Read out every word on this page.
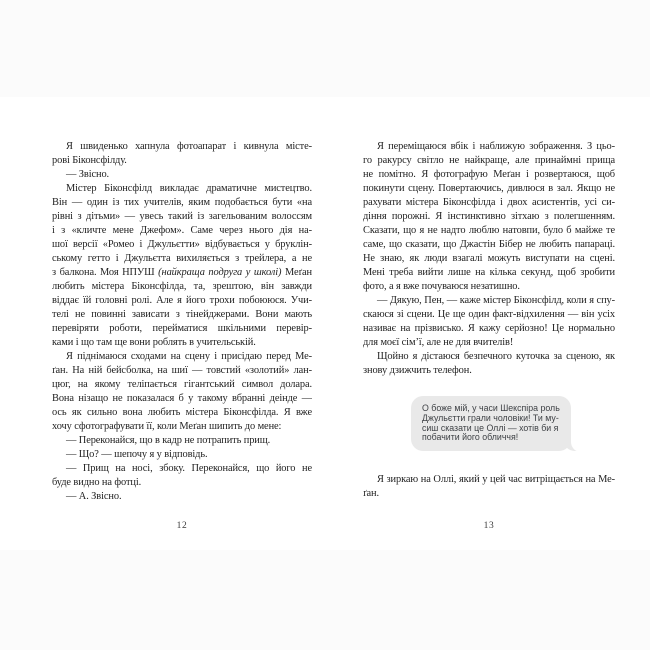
Я швиденько хапнула фотоапарат і кивнула місте-
рові Біконсфілду.
— Звісно.
Містер Біконсфілд викладає драматичне мистецтво.
Він — один із тих учителів, яким подобається бути «на
рівні з дітьми» — увесь такий із загельованим волоссям
і з «кличте мене Джефом». Саме через нього дія на-
шої версії «Ромео і Джульєтти» відбувається у бруклін-
ському гетто і Джульєтта вихиляється з трейлера, а не
з балкона. Моя НПУШ (найкраща подруга у школі) Меґан
любить містера Біконсфілда, та, зрештою, він завжди
віддає їй головні ролі. Але я його трохи побоююся. Учи-
телі не повинні зависати з тінейджерами. Вони мають
перевіряти роботи, перейматися шкільними перевір-
ками і що там ще вони роблять в учительській.
Я піднімаюся сходами на сцену і присідаю перед Ме-
ґан. На ній бейсболка, на шиї — товстий «золотий» лан-
цюг, на якому теліпається гігантський символ долара.
Вона нізащо не показалася б у такому вбранні деінде —
ось як сильно вона любить містера Біконсфілда. Я вже
хочу сфотографувати її, коли Меґан шипить до мене:
— Переконайся, що в кадр не потрапить прищ.
— Що? — шепочу я у відповідь.
— Прищ на носі, збоку. Переконайся, що його не
буде видно на фотці.
— А. Звісно.
12
Я переміщаюся вбік і наближую зображення. З цьо-
го ракурсу світло не найкраще, але принаймні прища
не помітно. Я фотографую Меґан і розвертаюся, щоб
покинути сцену. Повертаючись, дивлюся в зал. Якщо не
рахувати містера Біконсфілда і двох асистентів, усі си-
діння порожні. Я інстинктивно зітхаю з полегшенням.
Сказати, що я не надто люблю натовпи, було б майже те
саме, що сказати, що Джастін Бібер не любить папараці.
Не знаю, як люди взагалі можуть виступати на сцені.
Мені треба вийти лише на кілька секунд, щоб зробити
фото, а я вже почуваюся незатишно.
— Дякую, Пен, — каже містер Біконсфілд, коли я спу-
скаюся зі сцени. Це ще один факт-відхилення — він усіх
називає на прізвисько. Я кажу серйозно! Це нормально
для моєї сім’ї, але не для вчителів!
Щойно я дістаюся безпечного куточка за сценою, як
знову дзижчить телефон.
О боже мій, у часи Шекспіра роль
Джульєтти грали чоловіки! Ти му-
сиш сказати це Оллі — хотів би я
побачити його обличчя!
Я зиркаю на Оллі, який у цей час витріщається на Ме-
ґан.
13
